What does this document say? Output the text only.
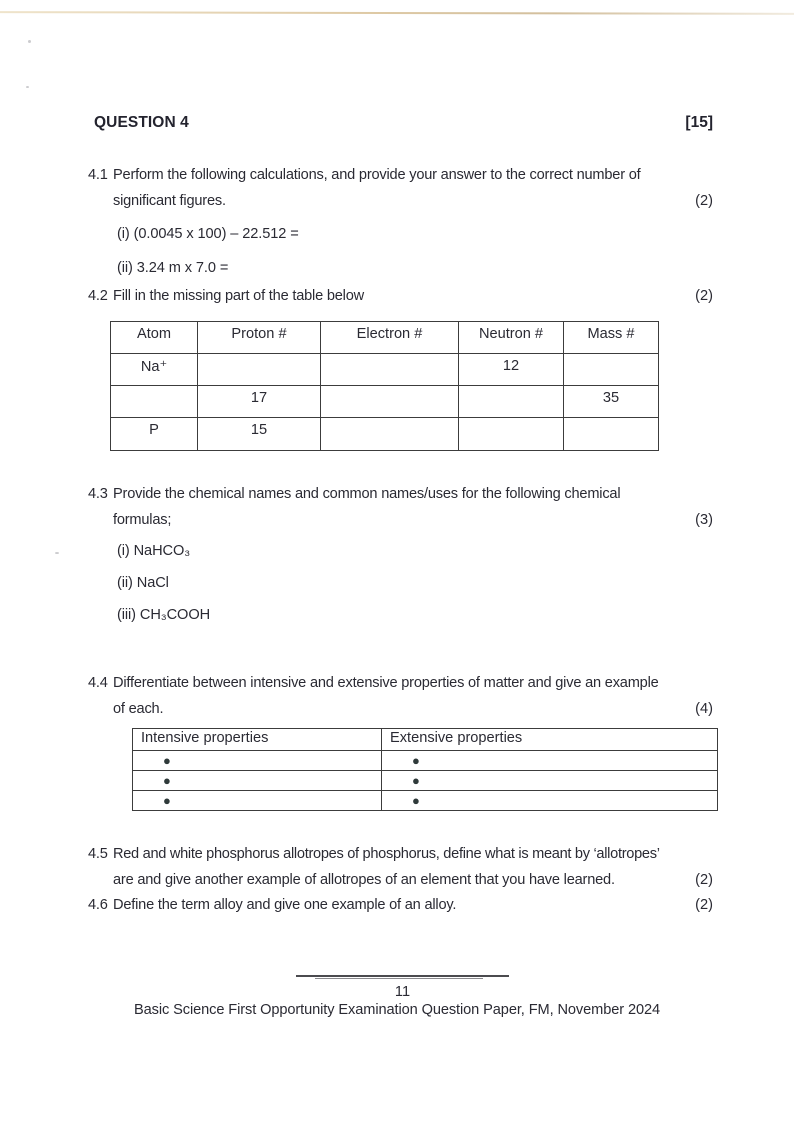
QUESTION 4	[15]
4.1 Perform the following calculations, and provide your answer to the correct number of
significant figures.	(2)
(i) (0.0045 x 100) – 22.512 =
(ii) 3.24 m x 7.0 =
4.2 Fill in the missing part of the table below	(2)
Atom	Proton #	Electron #	Neutron #	Mass #
Na⁺			12	
	17			35
P	15			
4.3 Provide the chemical names and common names/uses for the following chemical
formulas;	(3)
(i) NaHCO₃
(ii) NaCl
(iii) CH₃COOH
4.4 Differentiate between intensive and extensive properties of matter and give an example
of each.	(4)
Intensive properties	Extensive properties
●	●
●	●
●	●
4.5 Red and white phosphorus allotropes of phosphorus, define what is meant by ‘allotropes’
are and give another example of allotropes of an element that you have learned.	(2)
4.6 Define the term alloy and give one example of an alloy.	(2)
11
Basic Science First Opportunity Examination Question Paper, FM, November 2024
